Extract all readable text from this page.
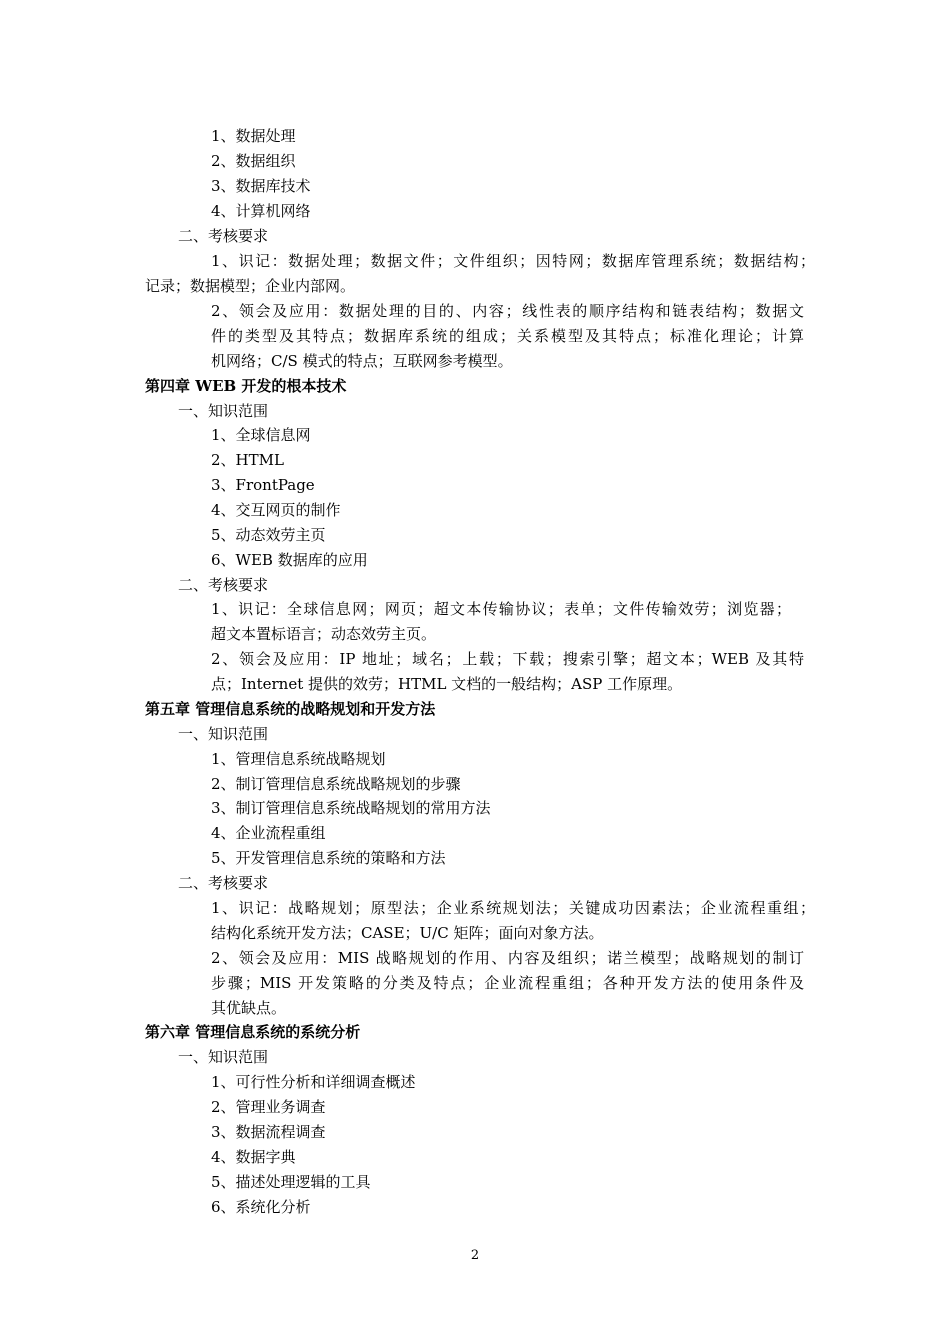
1、数据处理
2、数据组织
3、数据库技术
4、计算机网络
二、考核要求
1、识记：数据处理；数据文件；文件组织；因特网；数据库管理系统；数据结构；
记录；数据模型；企业内部网。
2、领会及应用：数据处理的目的、内容；线性表的顺序结构和链表结构；数据文
件的类型及其特点；数据库系统的组成；关系模型及其特点；标准化理论；计算
机网络；C/S 模式的特点；互联网参考模型。
第四章 WEB 开发的根本技术
一、知识范围
1、全球信息网
2、HTML
3、FrontPage
4、交互网页的制作
5、动态效劳主页
6、WEB 数据库的应用
二、考核要求
1、识记：全球信息网；网页；超文本传输协议；表单；文件传输效劳；浏览器；
超文本置标语言；动态效劳主页。
2、领会及应用：IP 地址；域名；上载；下载；搜索引擎；超文本；WEB 及其特
点；Internet 提供的效劳；HTML 文档的一般结构；ASP 工作原理。
第五章 管理信息系统的战略规划和开发方法
一、知识范围
1、管理信息系统战略规划
2、制订管理信息系统战略规划的步骤
3、制订管理信息系统战略规划的常用方法
4、企业流程重组
5、开发管理信息系统的策略和方法
二、考核要求
1、识记：战略规划；原型法；企业系统规划法；关键成功因素法；企业流程重组；
结构化系统开发方法；CASE；U/C 矩阵；面向对象方法。
2、领会及应用：MIS 战略规划的作用、内容及组织；诺兰模型；战略规划的制订
步骤；MIS 开发策略的分类及特点；企业流程重组；各种开发方法的使用条件及
其优缺点。
第六章 管理信息系统的系统分析
一、知识范围
1、可行性分析和详细调查概述
2、管理业务调查
3、数据流程调查
4、数据字典
5、描述处理逻辑的工具
6、系统化分析
2
